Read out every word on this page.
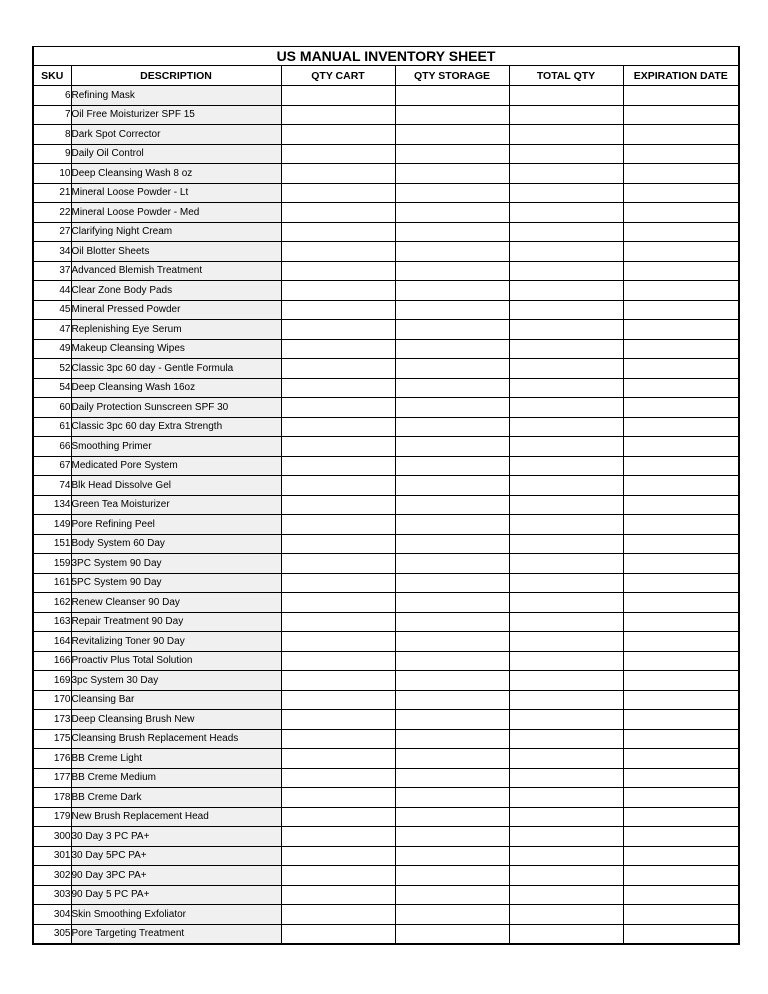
US MANUAL INVENTORY SHEET					
SKU	DESCRIPTION	QTY CART	QTY STORAGE	TOTAL QTY	EXPIRATION DATE
6	Refining Mask				
7	Oil Free Moisturizer SPF 15				
8	Dark Spot Corrector				
9	Daily Oil Control				
10	Deep Cleansing Wash 8 oz				
21	Mineral Loose Powder - Lt				
22	Mineral Loose Powder - Med				
27	Clarifying Night Cream				
34	Oil Blotter Sheets				
37	Advanced Blemish Treatment				
44	Clear Zone Body Pads				
45	Mineral Pressed Powder				
47	Replenishing Eye Serum				
49	Makeup Cleansing Wipes				
52	Classic 3pc 60 day - Gentle Formula				
54	Deep Cleansing Wash 16oz				
60	Daily Protection Sunscreen SPF 30				
61	Classic 3pc 60 day Extra Strength				
66	Smoothing Primer				
67	Medicated Pore System				
74	Blk Head Dissolve Gel				
134	Green Tea Moisturizer				
149	Pore Refining Peel				
151	Body System 60 Day				
159	3PC System 90 Day				
161	5PC System 90 Day				
162	Renew Cleanser 90 Day				
163	Repair Treatment 90 Day				
164	Revitalizing Toner 90 Day				
166	Proactiv Plus Total Solution				
169	3pc System 30 Day				
170	Cleansing Bar				
173	Deep Cleansing Brush New				
175	Cleansing Brush Replacement Heads				
176	BB Creme Light				
177	BB Creme Medium				
178	BB Creme Dark				
179	New Brush Replacement Head				
300	30 Day 3 PC PA+				
301	30 Day 5PC PA+				
302	90 Day 3PC PA+				
303	90 Day 5 PC PA+				
304	Skin Smoothing Exfoliator				
305	Pore Targeting Treatment				
